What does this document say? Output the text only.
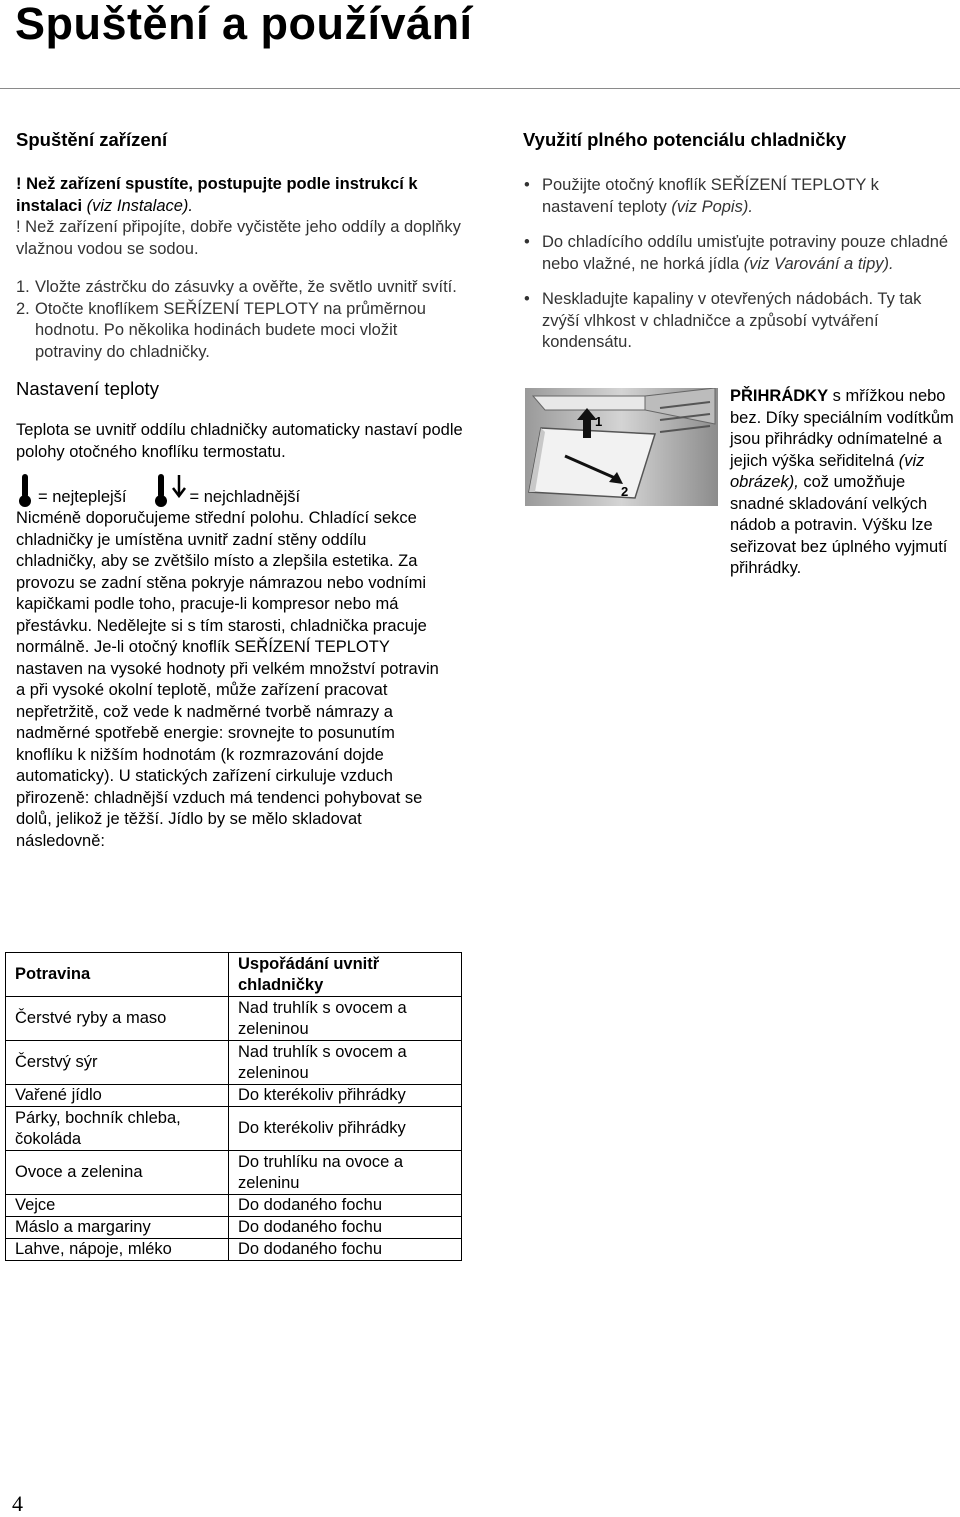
Spuštění a používání
Spuštění zařízení

! Než zařízení spustíte, postupujte podle instrukcí k instalaci (viz Instalace).

! Než zařízení připojíte, dobře vyčistěte jeho oddíly a doplňky vlažnou vodou se sodou.

1. Vložte zástrčku do zásuvky a ověřte, že světlo uvnitř svítí.
2. Otočte knoflíkem SEŘÍZENÍ TEPLOTY na průměrnou hodnotu. Po několika hodinách budete moci vložit potraviny do chladničky.
Nastavení teploty

Teplota se uvnitř oddílu chladničky automaticky nastaví podle polohy otočného knoflíku termostatu.

= nejteplejší	= nejchladnější

Nicméně doporučujeme střední polohu. Chladící sekce chladničky je umístěna uvnitř zadní stěny oddílu chladničky, aby se zvětšilo místo a zlepšila estetika. Za provozu se zadní stěna pokryje námrazou nebo vodními kapičkami podle toho, pracuje-li kompresor nebo má přestávku. Nedělejte si s tím starosti, chladnička pracuje normálně. Je-li otočný knoflík SEŘÍZENÍ TEPLOTY nastaven na vysoké hodnoty při velkém množství potravin a při vysoké okolní teplotě, může zařízení pracovat nepřetržitě, což vede k nadměrné tvorbě námrazy a nadměrné spotřebě energie: srovnejte to posunutím knoflíku k nižším hodnotám (k rozmrazování dojde automaticky). U statických zařízení cirkuluje vzduch přirozeně: chladnější vzduch má tendenci pohybovat se dolů, jelikož je těžší. Jídlo by se mělo skladovat následovně:

Potravina	Uspořádání uvnitř chladničky
Čerstvé ryby a maso	Nad truhlík s ovocem a zeleninou
Čerstvý sýr	Nad truhlík s ovocem a zeleninou
Vařené jídlo	Do kterékoliv přihrádky
Párky, bochník chleba, čokoláda	Do kterékoliv přihrádky
Ovoce a zelenina	Do truhlíku na ovoce a zeleninu
Vejce	Do dodaného fochu
Máslo a margariny	Do dodaného fochu
Lahve, nápoje, mléko	Do dodaného fochu
Využití plného potenciálu chladničky
• Použijte otočný knoflík SEŘÍZENÍ TEPLOTY k nastavení teploty (viz Popis).
• Do chladícího oddílu umisťujte potraviny pouze chladné nebo vlažné, ne horká jídla (viz Varování a tipy).
• Neskladujte kapaliny v otevřených nádobách. Ty tak zvýší vlhkost v chladničce a způsobí vytváření kondensátu.
1
2
PŘIHRÁDKY s mřížkou nebo bez. Díky speciálním vodítkům jsou přihrádky odnímatelné a jejich výška seřiditelná (viz obrázek), což umožňuje snadné skladování velkých nádob a potravin. Výšku lze seřizovat bez úplného vyjmutí přihrádky.
4
